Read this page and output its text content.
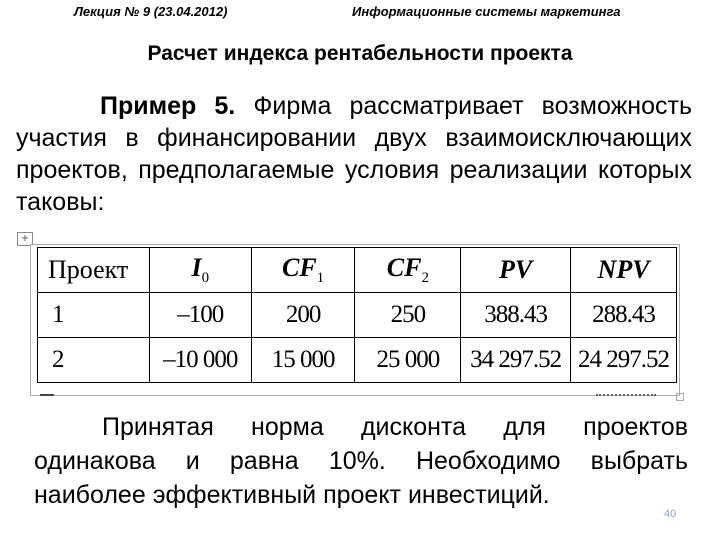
Лекция № 9 (23.04.2012)	Информационные системы маркетинга
Расчет индекса рентабельности проекта
Пример 5. Фирма рассматривает возможность участия в финансировании двух взаимоисключающих проектов, предполагаемые условия реализации которых таковы:
+
Проект	$I_0$	$CF_1$	$CF_2$	PV	NPV
1	–100	200	250	388.43	288.43
2	–10 000	15 000	25 000	34 297.52	24 297.52
Принятая норма дисконта для проектов одинакова и равна 10%. Необходимо выбрать наиболее эффективный проект инвестиций.
40
